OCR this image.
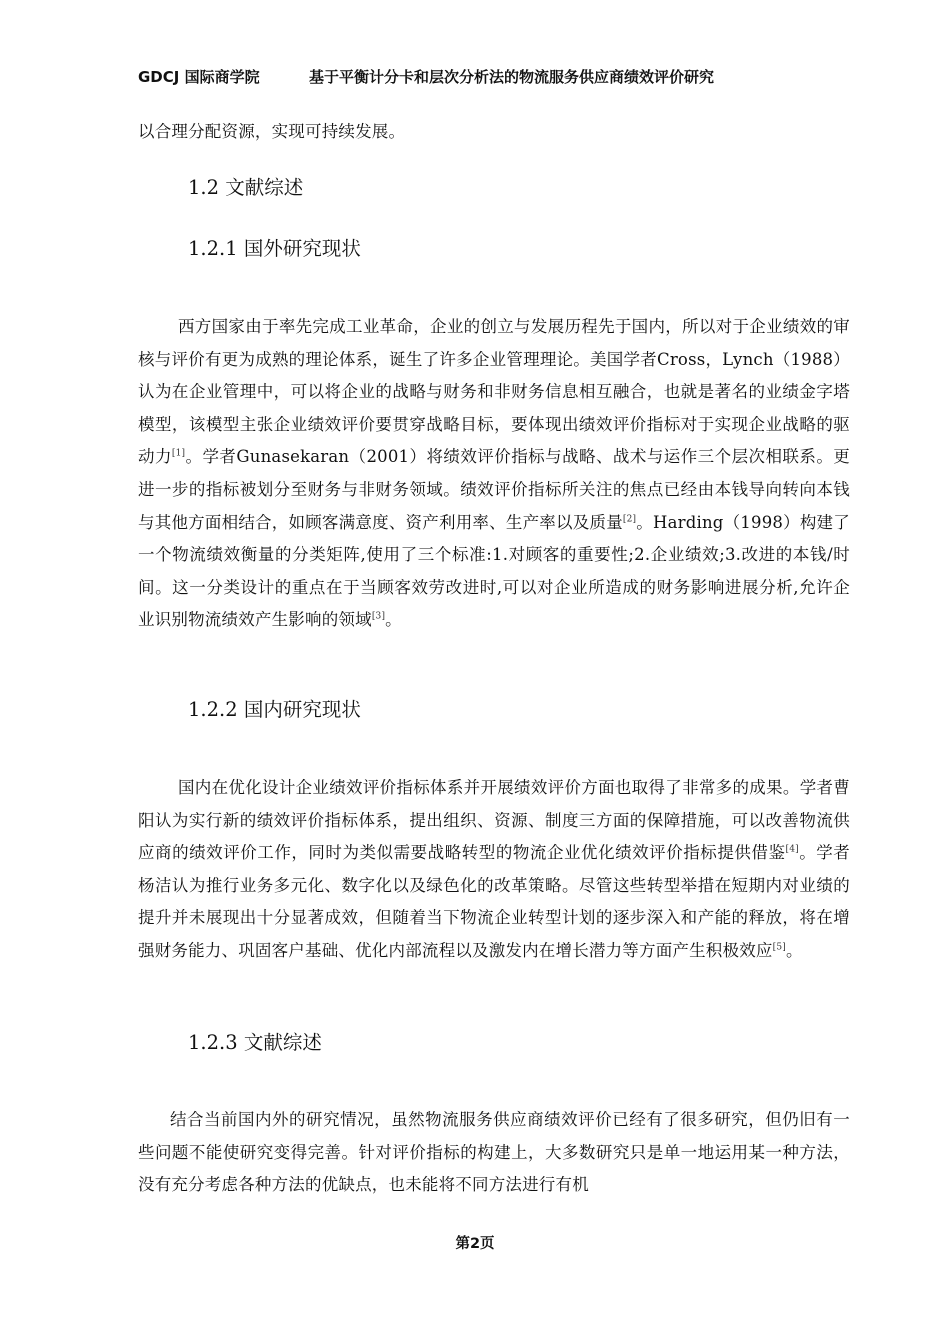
GDCJ 国际商学院	基于平衡计分卡和层次分析法的物流服务供应商绩效评价研究
以合理分配资源，实现可持续发展。
1.2 文献综述
1.2.1 国外研究现状
西方国家由于率先完成工业革命，企业的创立与发展历程先于国内，所以对于企业绩效的审核与评价有更为成熟的理论体系，诞生了许多企业管理理论。美国学者Cross，Lynch（1988）认为在企业管理中，可以将企业的战略与财务和非财务信息相互融合，也就是著名的业绩金字塔模型，该模型主张企业绩效评价要贯穿战略目标，要体现出绩效评价指标对于实现企业战略的驱动力[1]。学者Gunasekaran（2001）将绩效评价指标与战略、战术与运作三个层次相联系。更进一步的指标被划分至财务与非财务领域。绩效评价指标所关注的焦点已经由本钱导向转向本钱与其他方面相结合，如顾客满意度、资产利用率、生产率以及质量[2]。Harding（1998）构建了一个物流绩效衡量的分类矩阵,使用了三个标准:1.对顾客的重要性;2.企业绩效;3.改进的本钱/时间。这一分类设计的重点在于当顾客效劳改进时,可以对企业所造成的财务影响进展分析,允许企业识别物流绩效产生影响的领域[3]。
1.2.2 国内研究现状
国内在优化设计企业绩效评价指标体系并开展绩效评价方面也取得了非常多的成果。学者曹阳认为实行新的绩效评价指标体系，提出组织、资源、制度三方面的保障措施，可以改善物流供应商的绩效评价工作，同时为类似需要战略转型的物流企业优化绩效评价指标提供借鉴[4]。学者杨洁认为推行业务多元化、数字化以及绿色化的改革策略。尽管这些转型举措在短期内对业绩的提升并未展现出十分显著成效，但随着当下物流企业转型计划的逐步深入和产能的释放，将在增强财务能力、巩固客户基础、优化内部流程以及激发内在增长潜力等方面产生积极效应[5]。
1.2.3 文献综述
结合当前国内外的研究情况，虽然物流服务供应商绩效评价已经有了很多研究，但仍旧有一些问题不能使研究变得完善。针对评价指标的构建上，大多数研究只是单一地运用某一种方法，没有充分考虑各种方法的优缺点，也未能将不同方法进行有机
第2页
